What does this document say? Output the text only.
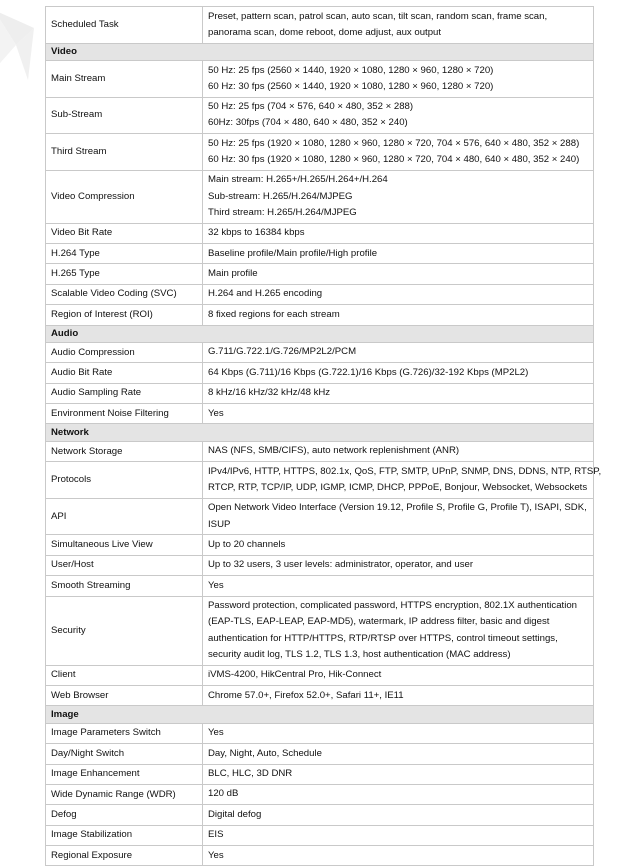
Scheduled Task	Preset, pattern scan, patrol scan, auto scan, tilt scan, random scan, frame scan,
panorama scan, dome reboot, dome adjust, aux output

Video	
Main Stream	50 Hz: 25 fps (2560 × 1440, 1920 × 1080, 1280 × 960, 1280 × 720)
60 Hz: 30 fps (2560 × 1440, 1920 × 1080, 1280 × 960, 1280 × 720)

Sub-Stream	50 Hz: 25 fps (704 × 576, 640 × 480, 352 × 288)
60Hz: 30fps (704 × 480, 640 × 480, 352 × 240)

Third Stream	50 Hz: 25 fps (1920 × 1080, 1280 × 960, 1280 × 720, 704 × 576, 640 × 480, 352 × 288)
60 Hz: 30 fps (1920 × 1080, 1280 × 960, 1280 × 720, 704 × 480, 640 × 480, 352 × 240)

Video Compression	Main stream: H.265+/H.265/H.264+/H.264
Sub-stream: H.265/H.264/MJPEG
Third stream: H.265/H.264/MJPEG

Video Bit Rate	32 kbps to 16384 kbps

H.264 Type	Baseline profile/Main profile/High profile

H.265 Type	Main profile

Scalable Video Coding (SVC)	H.264 and H.265 encoding

Region of Interest (ROI)	8 fixed regions for each stream

Audio	
Audio Compression	G.711/G.722.1/G.726/MP2L2/PCM

Audio Bit Rate	64 Kbps (G.711)/16 Kbps (G.722.1)/16 Kbps (G.726)/32-192 Kbps (MP2L2)

Audio Sampling Rate	8 kHz/16 kHz/32 kHz/48 kHz

Environment Noise Filtering	Yes

Network	
Network Storage	NAS (NFS, SMB/CIFS), auto network replenishment (ANR)

Protocols	IPv4/IPv6, HTTP, HTTPS, 802.1x, QoS, FTP, SMTP, UPnP, SNMP, DNS, DDNS, NTP, RTSP,
RTCP, RTP, TCP/IP, UDP, IGMP, ICMP, DHCP, PPPoE, Bonjour, Websocket, Websockets

API	Open Network Video Interface (Version 19.12, Profile S, Profile G, Profile T), ISAPI, SDK,
ISUP

Simultaneous Live View	Up to 20 channels

User/Host	Up to 32 users, 3 user levels: administrator, operator, and user

Smooth Streaming	Yes

Security	Password protection, complicated password, HTTPS encryption, 802.1X authentication
(EAP-TLS, EAP-LEAP, EAP-MD5), watermark, IP address filter, basic and digest
authentication for HTTP/HTTPS, RTP/RTSP over HTTPS, control timeout settings,
security audit log, TLS 1.2, TLS 1.3, host authentication (MAC address)

Client	iVMS-4200, HikCentral Pro, Hik-Connect

Web Browser	Chrome 57.0+, Firefox 52.0+, Safari 11+, IE11

Image	
Image Parameters Switch	Yes

Day/Night Switch	Day, Night, Auto, Schedule

Image Enhancement	BLC, HLC, 3D DNR

Wide Dynamic Range (WDR)	120 dB

Defog	Digital defog

Image Stabilization	EIS

Regional Exposure	Yes
